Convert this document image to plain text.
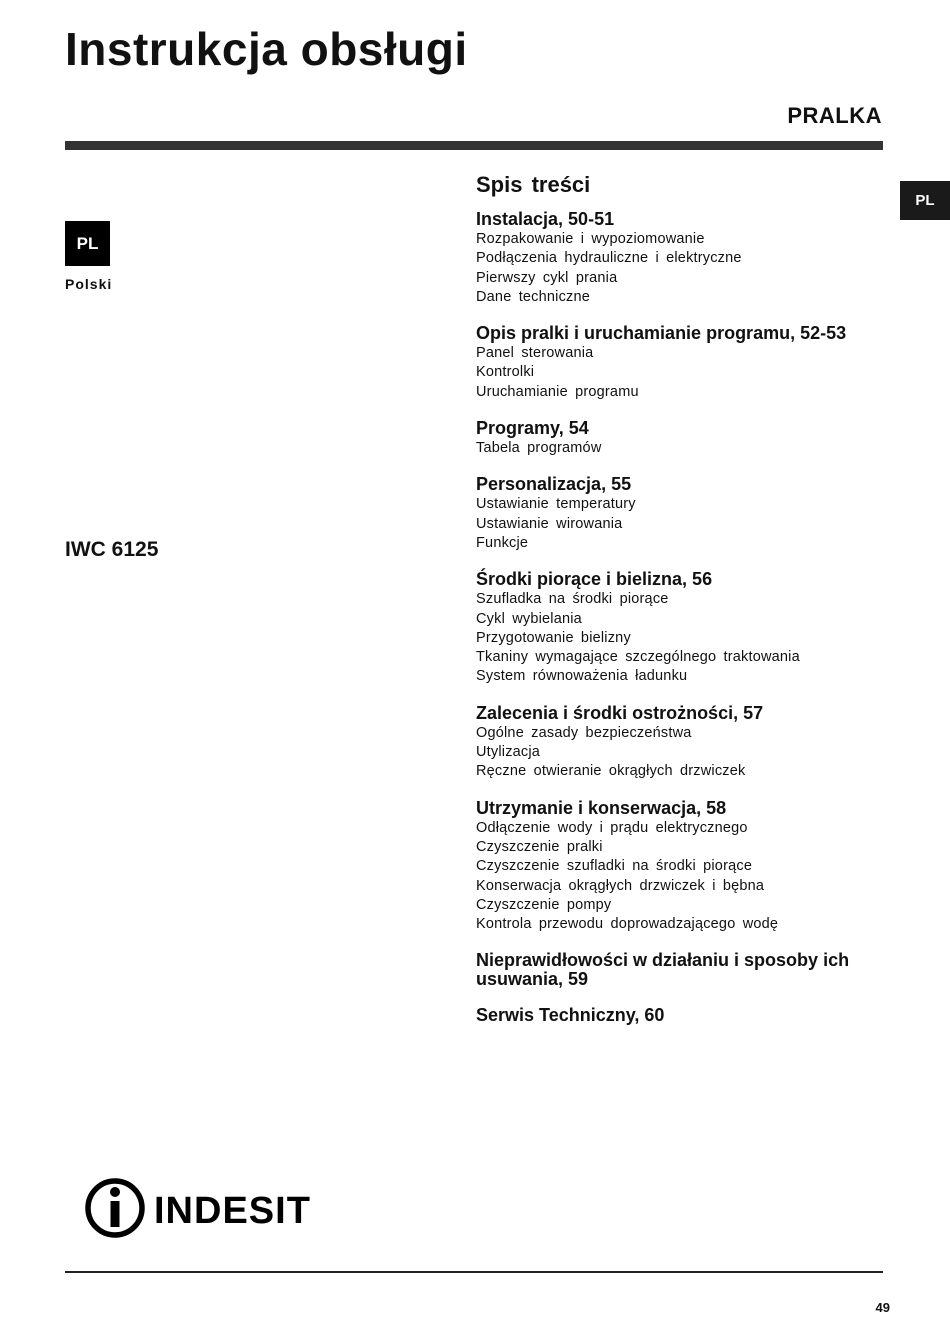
Instrukcja obsługi
PRALKA
PL
PL
Polski
IWC 6125
Spis treści
Instalacja, 50-51
Rozpakowanie i wypoziomowanie
Podłączenia hydrauliczne i elektryczne
Pierwszy cykl prania
Dane techniczne
Opis pralki i uruchamianie programu, 52-53
Panel sterowania
Kontrolki
Uruchamianie programu
Programy, 54
Tabela programów
Personalizacja, 55
Ustawianie temperatury
Ustawianie wirowania
Funkcje
Środki piorące i bielizna, 56
Szufladka na środki piorące
Cykl wybielania
Przygotowanie bielizny
Tkaniny wymagające szczególnego traktowania
System równoważenia ładunku
Zalecenia i środki ostrożności, 57
Ogólne zasady bezpieczeństwa
Utylizacja
Ręczne otwieranie okrągłych drzwiczek
Utrzymanie i konserwacja, 58
Odłączenie wody i prądu elektrycznego
Czyszczenie pralki
Czyszczenie szufladki na środki piorące
Konserwacja okrągłych drzwiczek i bębna
Czyszczenie pompy
Kontrola przewodu doprowadzającego wodę
Nieprawidłowości w działaniu i sposoby ich usuwania, 59
Serwis Techniczny, 60
INDESIT
49
